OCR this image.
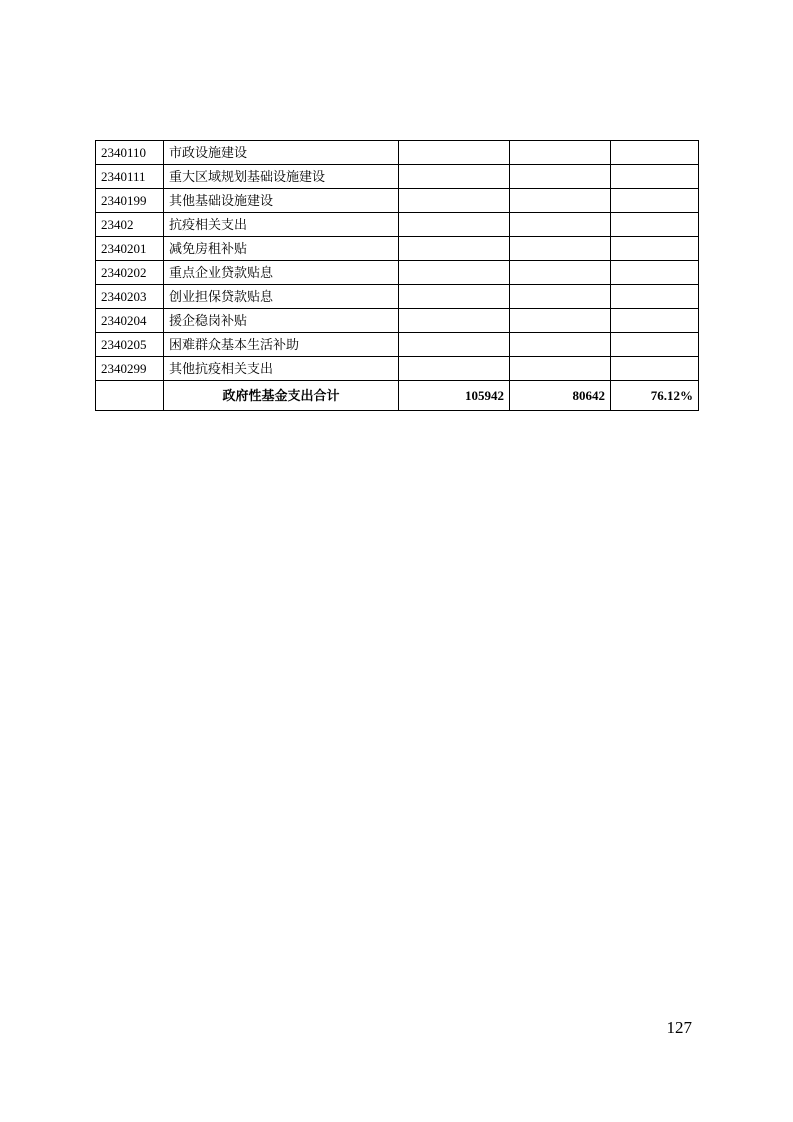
2340110	市政设施建设			
2340111	重大区域规划基础设施建设			
2340199	其他基础设施建设			
23402	抗疫相关支出			
2340201	减免房租补贴			
2340202	重点企业贷款贴息			
2340203	创业担保贷款贴息			
2340204	援企稳岗补贴			
2340205	困难群众基本生活补助			
2340299	其他抗疫相关支出			
	政府性基金支出合计	105942	80642	76.12%
127
